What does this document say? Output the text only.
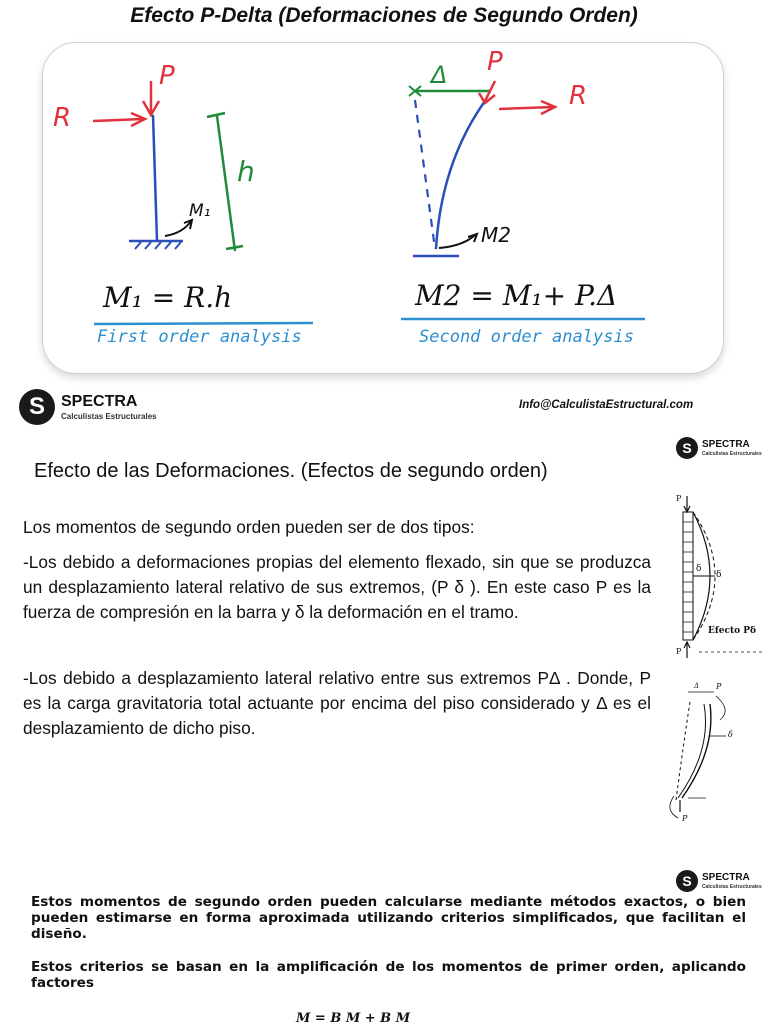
Efecto P-Delta (Deformaciones de Segundo Orden)
P
R
h
M₁
M₁ = R.h
First order analysis
Δ P
R
M2
M2 = M₁+ P.Δ
Second order analysis
S	SPECTRA
Calculistas Estructurales
Info@CalculistaEstructural.com
S	SPECTRA
Calculistas Estructurales
Efecto de las Deformaciones. (Efectos de segundo orden)
Los momentos de segundo orden pueden ser de dos tipos:
-Los debido a deformaciones propias del elemento flexado, sin que se produzca un desplazamiento lateral relativo de sus extremos, (P δ ). En este caso P es la fuerza de compresión en la barra y δ la deformación en el tramo.
-Los debido a desplazamiento lateral relativo entre sus extremos PΔ . Donde, P es la carga gravitatoria total actuante por encima del piso considerado y Δ es el desplazamiento de dicho piso.
P
P
δ
δ
Efecto Pδ
Δ P
δ
P
S	SPECTRA
Calculistas Estructurales
Estos momentos de segundo orden pueden calcularse mediante métodos exactos, o bien pueden estimarse en forma aproximada utilizando criterios simplificados, que facilitan el diseño.
Estos criterios se basan en la amplificación de los momentos de primer orden, aplicando factores
M = B M + B M
